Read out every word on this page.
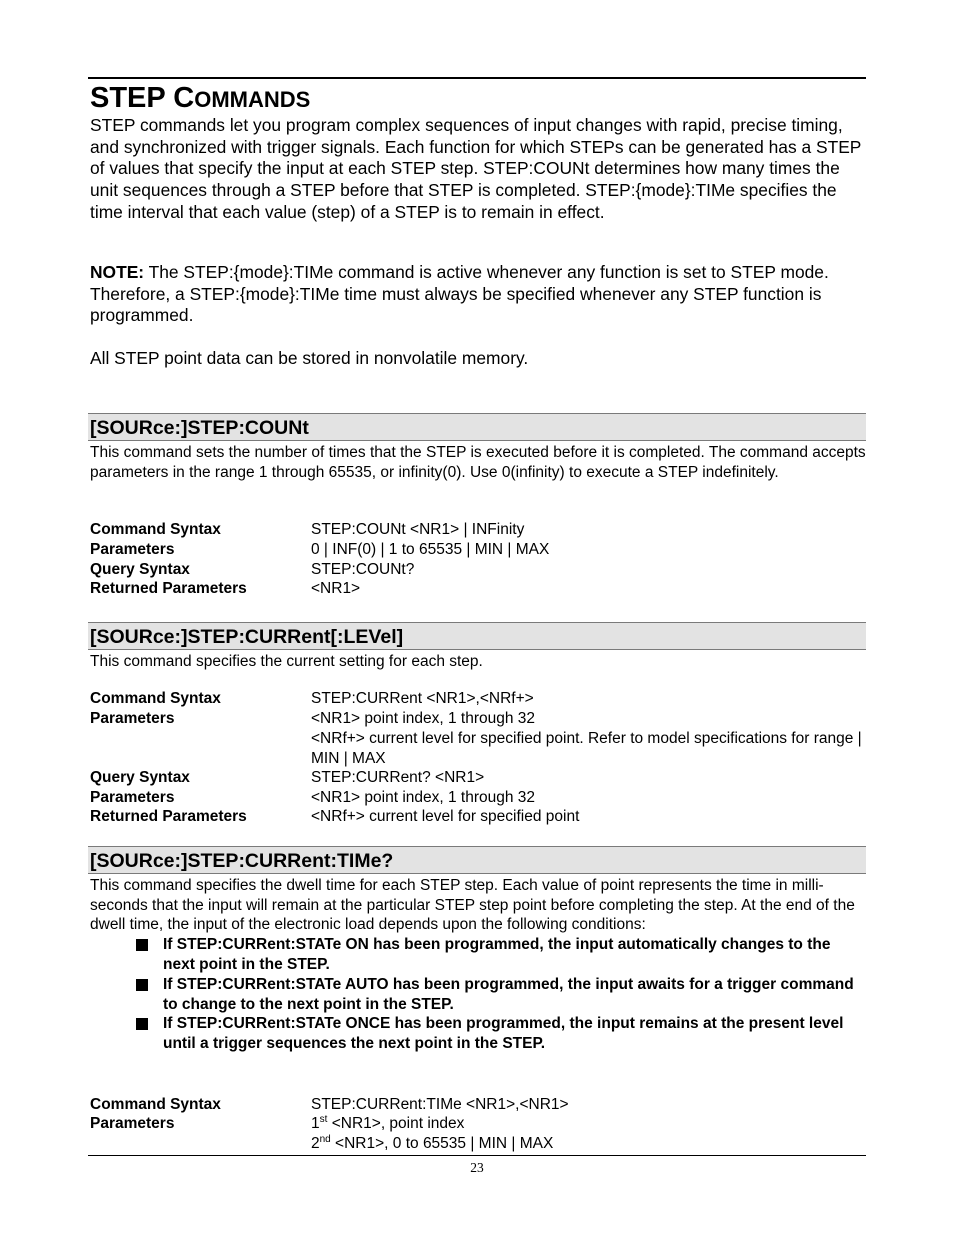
STEP COMMANDS
STEP commands let you program complex sequences of input changes with rapid, precise timing, and synchronized with trigger signals. Each function for which STEPs can be generated has a STEP of values that specify the input at each STEP step. STEP:COUNt determines how many times the unit sequences through a STEP before that STEP is completed. STEP:{mode}:TIMe specifies the time interval that each value (step) of a STEP is to remain in effect.
NOTE: The STEP:{mode}:TIMe command is active whenever any function is set to STEP mode. Therefore, a STEP:{mode}:TIMe time must always be specified whenever any STEP function is programmed.
All STEP point data can be stored in nonvolatile memory.
[SOURce:]STEP:COUNt
This command sets the number of times that the STEP is executed before it is completed. The command accepts parameters in the range 1 through 65535, or infinity(0). Use 0(infinity) to execute a STEP indefinitely.
Command Syntax	STEP:COUNt <NR1> | INFinity
Parameters	0 | INF(0) | 1 to 65535 | MIN | MAX
Query Syntax	STEP:COUNt?
Returned Parameters	<NR1>
[SOURce:]STEP:CURRent[:LEVel]
This command specifies the current setting for each step.
Command Syntax	STEP:CURRent <NR1>,<NRf+>
Parameters	<NR1> point index, 1 through 32
<NRf+> current level for specified point. Refer to model specifications for range | MIN | MAX
Query Syntax	STEP:CURRent? <NR1>
Parameters	<NR1> point index, 1 through 32
Returned Parameters	<NRf+> current level for specified point
[SOURce:]STEP:CURRent:TIMe?
This command specifies the dwell time for each STEP step. Each value of point represents the time in milli-seconds that the input will remain at the particular STEP step point before completing the step. At the end of the dwell time, the input of the electronic load depends upon the following conditions:
If STEP:CURRent:STATe ON has been programmed, the input automatically changes to the next point in the STEP.
If STEP:CURRent:STATe AUTO has been programmed, the input awaits for a trigger command to change to the next point in the STEP.
If STEP:CURRent:STATe ONCE has been programmed, the input remains at the present level until a trigger sequences the next point in the STEP.
Command Syntax	STEP:CURRent:TIMe <NR1>,<NR1>
Parameters	1st <NR1>, point index
2nd <NR1>, 0 to 65535 | MIN | MAX
23
